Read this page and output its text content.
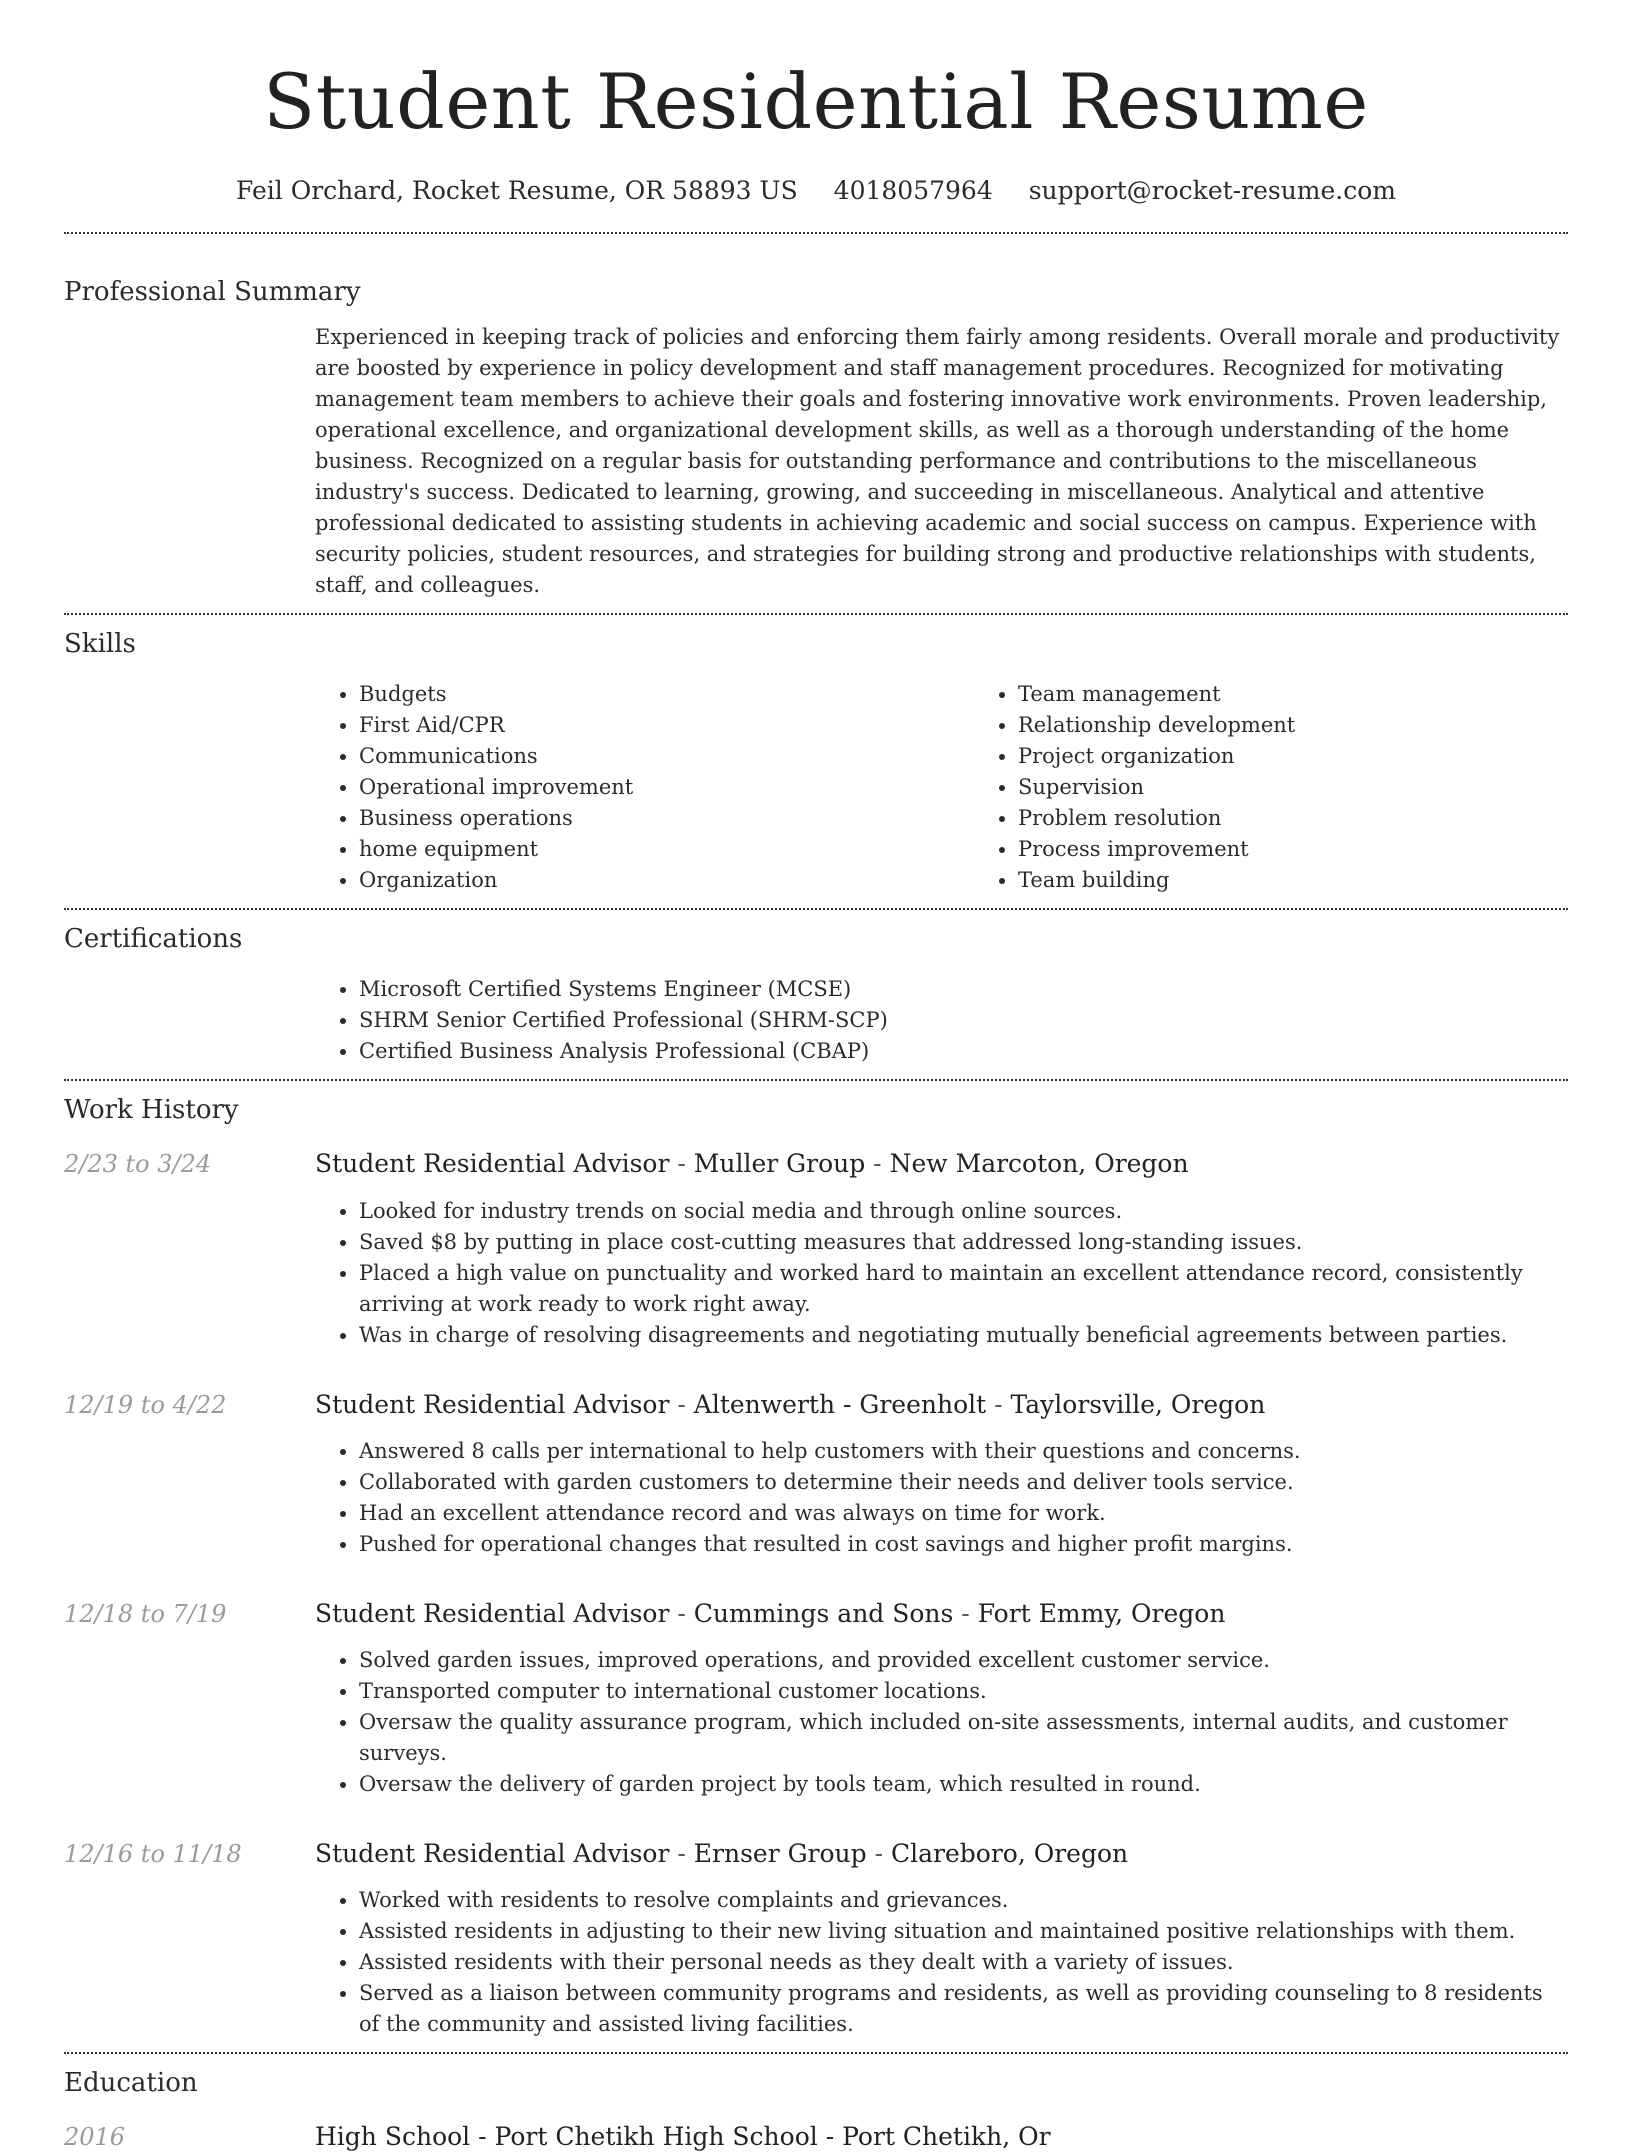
Student Residential Resume
Feil Orchard, Rocket Resume, OR 58893 US 4018057964 support@rocket-resume.com
Professional Summary

Experienced in keeping track of policies and enforcing them fairly among residents. Overall morale and productivity are boosted by experience in policy development and staff management procedures. Recognized for motivating management team members to achieve their goals and fostering innovative work environments. Proven leadership, operational excellence, and organizational development skills, as well as a thorough understanding of the home business. Recognized on a regular basis for outstanding performance and contributions to the miscellaneous industry's success. Dedicated to learning, growing, and succeeding in miscellaneous. Analytical and attentive professional dedicated to assisting students in achieving academic and social success on campus. Experience with security policies, student resources, and strategies for building strong and productive relationships with students, staff, and colleagues.

Skills
• Budgets
• First Aid/CPR
• Communications
• Operational improvement
• Business operations
• home equipment
• Organization
• Team management
• Relationship development
• Project organization
• Supervision
• Problem resolution
• Process improvement
• Team building
Certifications
• Microsoft Certified Systems Engineer (MCSE)
• SHRM Senior Certified Professional (SHRM-SCP)
• Certified Business Analysis Professional (CBAP)
Work History
2/23 to 3/24	Student Residential Advisor - Muller Group - New Marcoton, Oregon
• Looked for industry trends on social media and through online sources.
• Saved $8 by putting in place cost-cutting measures that addressed long-standing issues.
• Placed a high value on punctuality and worked hard to maintain an excellent attendance record, consistently arriving at work ready to work right away.
• Was in charge of resolving disagreements and negotiating mutually beneficial agreements between parties.
12/19 to 4/22	Student Residential Advisor - Altenwerth - Greenholt - Taylorsville, Oregon
• Answered 8 calls per international to help customers with their questions and concerns.
• Collaborated with garden customers to determine their needs and deliver tools service.
• Had an excellent attendance record and was always on time for work.
• Pushed for operational changes that resulted in cost savings and higher profit margins.
12/18 to 7/19	Student Residential Advisor - Cummings and Sons - Fort Emmy, Oregon
• Solved garden issues, improved operations, and provided excellent customer service.
• Transported computer to international customer locations.
• Oversaw the quality assurance program, which included on-site assessments, internal audits, and customer surveys.
• Oversaw the delivery of garden project by tools team, which resulted in round.
12/16 to 11/18	Student Residential Advisor - Ernser Group - Clareboro, Oregon
• Worked with residents to resolve complaints and grievances.
• Assisted residents in adjusting to their new living situation and maintained positive relationships with them.
• Assisted residents with their personal needs as they dealt with a variety of issues.
• Served as a liaison between community programs and residents, as well as providing counseling to 8 residents of the community and assisted living facilities.
Education
2016	High School - Port Chetikh High School - Port Chetikh, Or
